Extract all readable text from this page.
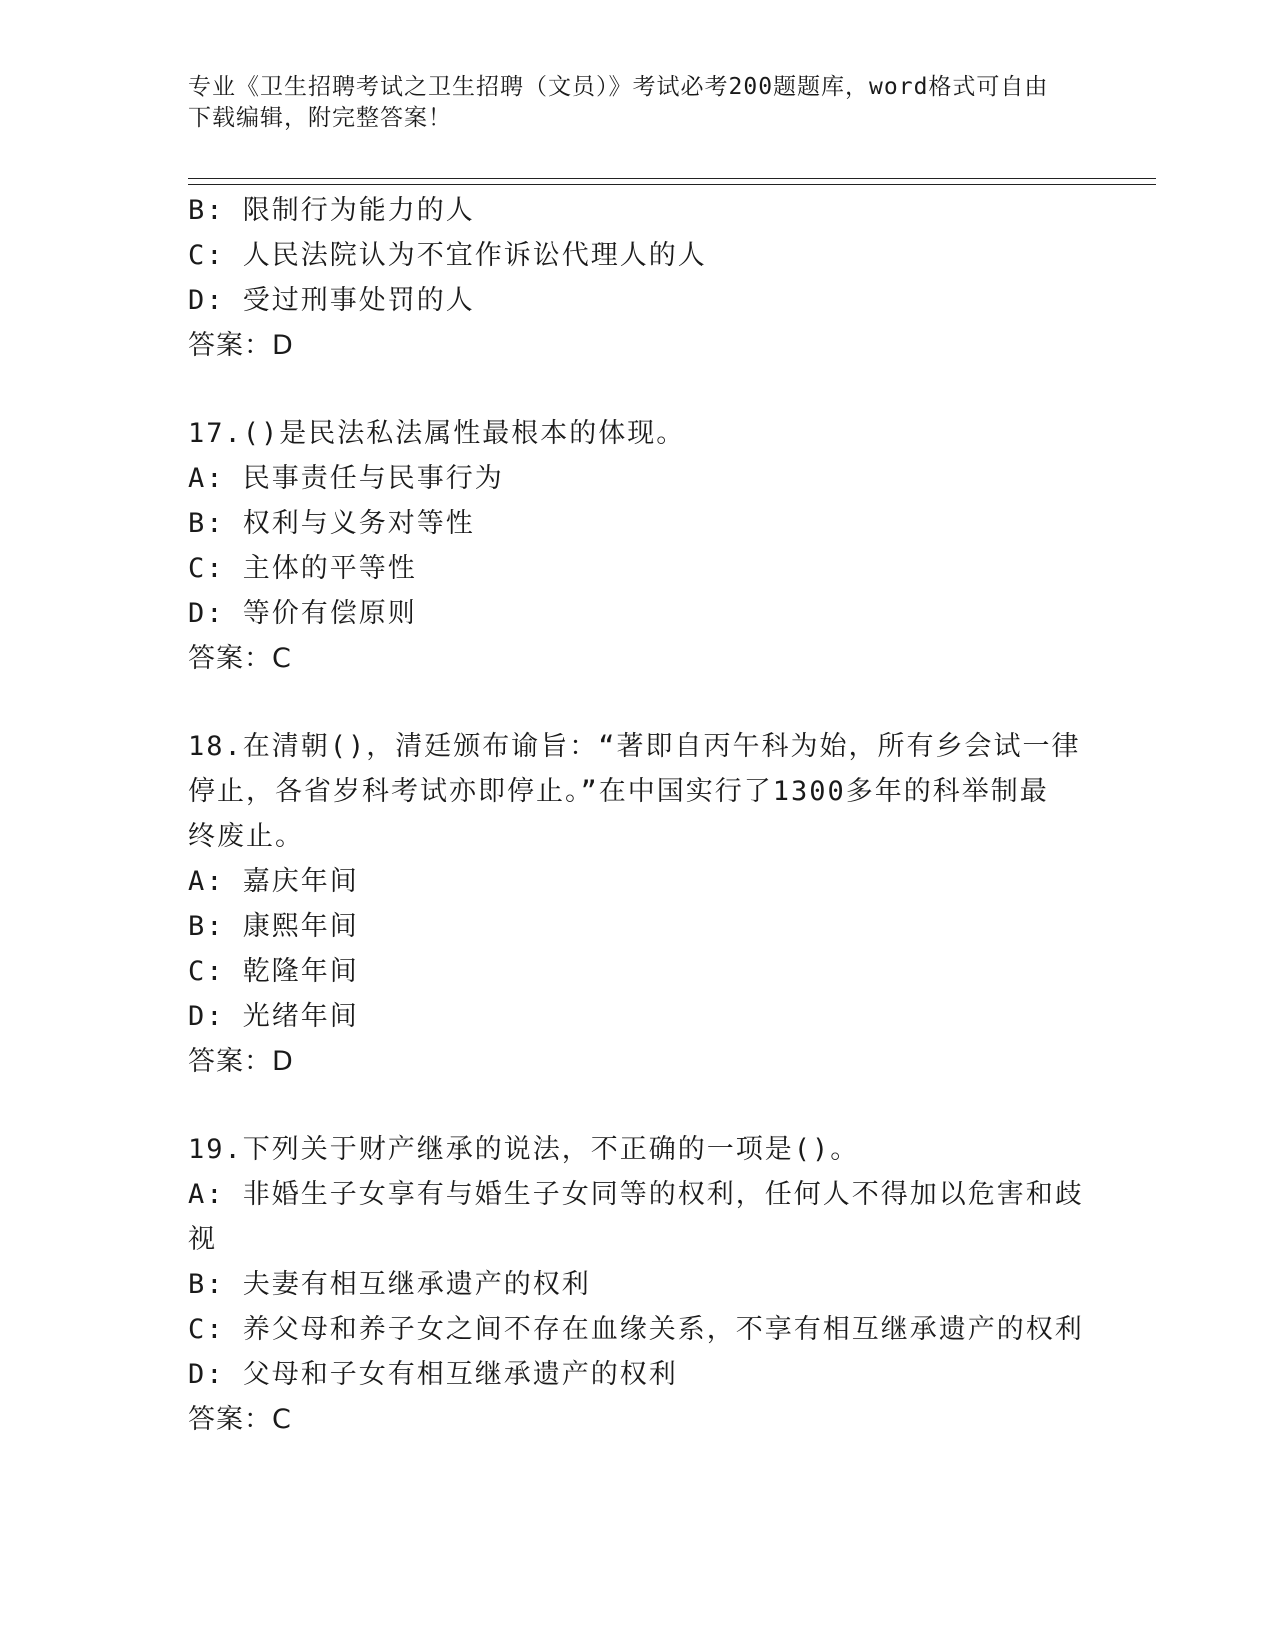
专业《卫生招聘考试之卫生招聘（文员）》考试必考200题题库，word格式可自由下载编辑，附完整答案！
B: 限制行为能力的人
C: 人民法院认为不宜作诉讼代理人的人
D: 受过刑事处罚的人
答案：D
17.()是民法私法属性最根本的体现。
A: 民事责任与民事行为
B: 权利与义务对等性
C: 主体的平等性
D: 等价有偿原则
答案：C
18.在清朝()，清廷颁布谕旨：“著即自丙午科为始，所有乡会试一律
停止，各省岁科考试亦即停止。”在中国实行了1300多年的科举制最
终废止。
A: 嘉庆年间
B: 康熙年间
C: 乾隆年间
D: 光绪年间
答案：D
19.下列关于财产继承的说法，不正确的一项是()。
A: 非婚生子女享有与婚生子女同等的权利，任何人不得加以危害和歧
视
B: 夫妻有相互继承遗产的权利
C: 养父母和养子女之间不存在血缘关系，不享有相互继承遗产的权利
D: 父母和子女有相互继承遗产的权利
答案：C
